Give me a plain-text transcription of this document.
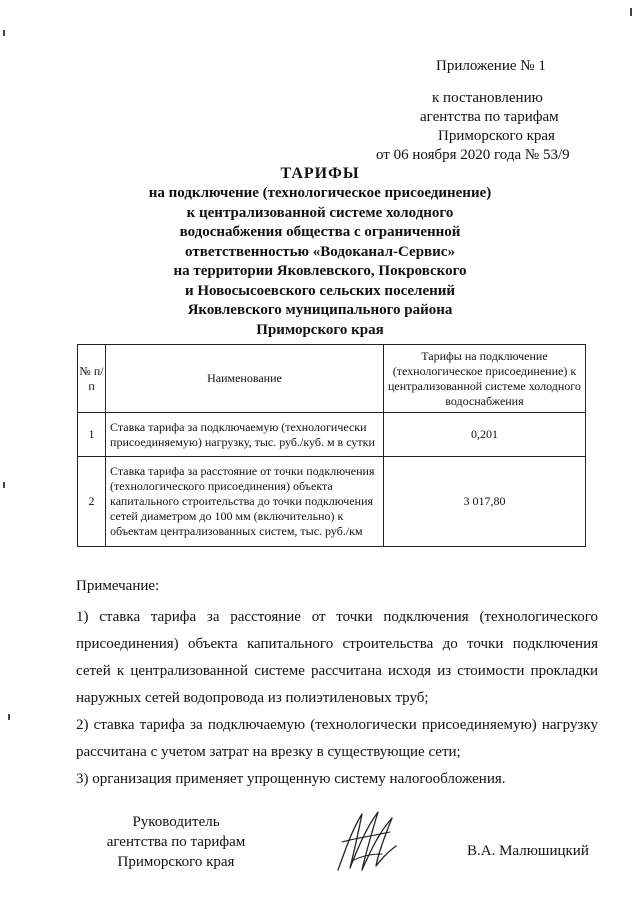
Приложение № 1
к постановлению
агентства по тарифам
Приморского края
от 06 ноября 2020 года № 53/9
ТАРИФЫ
на подключение (технологическое присоединение)
к централизованной системе холодного
водоснабжения общества с ограниченной
ответственностью «Водоканал-Сервис»
на территории Яковлевского, Покровского
и Новосысоевского сельских поселений
Яковлевского муниципального района
Приморского края
№ п/п	Наименование	Тарифы на подключение (технологическое присоединение) к централизованной системе холодного водоснабжения
1	Ставка тарифа за подключаемую (технологически присоединяемую) нагрузку, тыс. руб./куб. м в сутки	0,201
2	Ставка тарифа за расстояние от точки подключения (технологического присоединения) объекта капитального строительства до точки подключения сетей диаметром до 100 мм (включительно) к объектам централизованных систем, тыс. руб./км	3 017,80
Примечание:

1) ставка тарифа за расстояние от точки подключения (технологического присоединения) объекта капитального строительства до точки подключения сетей к централизованной системе рассчитана исходя из стоимости прокладки наружных сетей водопровода из полиэтиленовых труб;

2) ставка тарифа за подключаемую (технологически присоединяемую) нагрузку рассчитана с учетом затрат на врезку в существующие сети;

3) организация применяет упрощенную систему налогообложения.

Руководитель
агентства по тарифам
Приморского края
В.А. Малюшицкий
